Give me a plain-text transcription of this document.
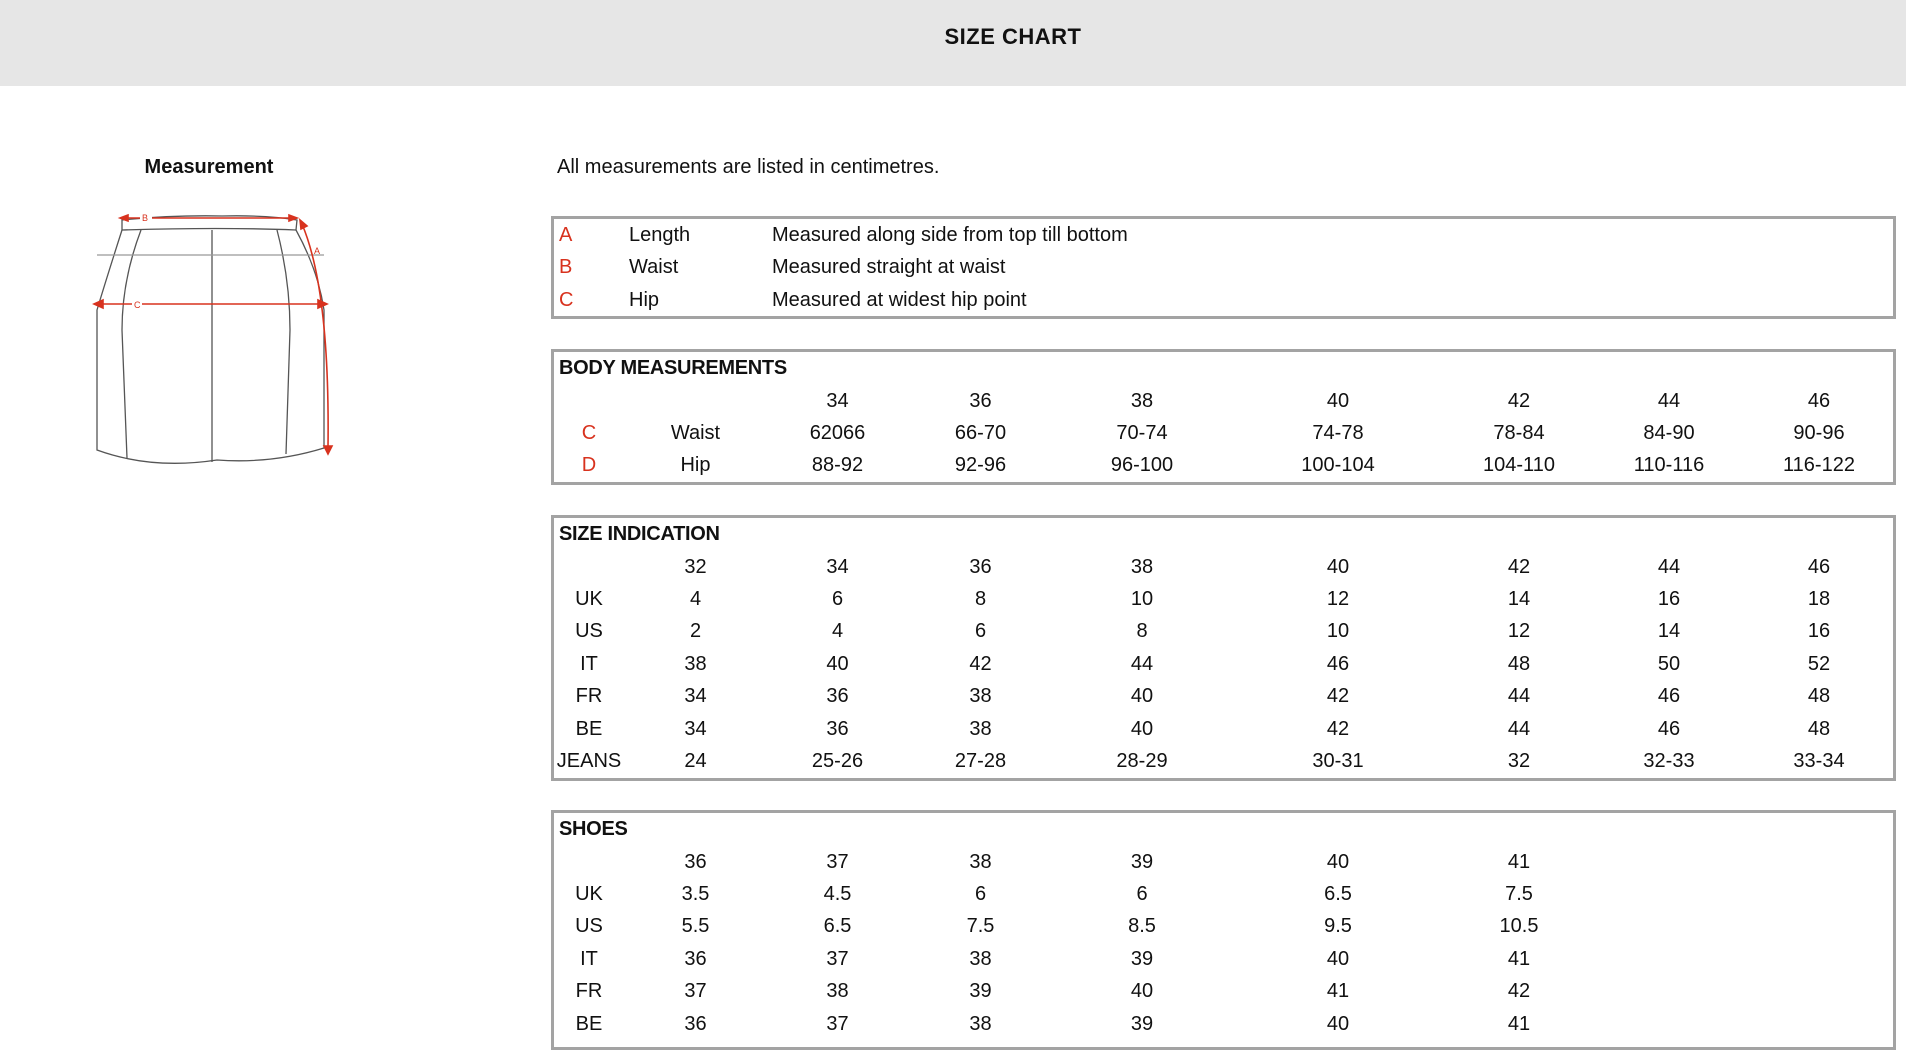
SIZE CHART
Measurement
B
C
A
All measurements are listed in centimetres.
A	Length	Measured along side from top till bottom
B	Waist	Measured straight at waist
C	Hip	Measured at widest hip point
BODY MEASUREMENTS								
		34	36	38	40	42	44	46
C	Waist	62066	66-70	70-74	74-78	78-84	84-90	90-96
D	Hip	88-92	92-96	96-100	100-104	104-110	110-116	116-122
SIZE INDICATION								
	32	34	36	38	40	42	44	46
UK	4	6	8	10	12	14	16	18
US	2	4	6	8	10	12	14	16
IT	38	40	42	44	46	48	50	52
FR	34	36	38	40	42	44	46	48
BE	34	36	38	40	42	44	46	48
JEANS	24	25-26	27-28	28-29	30-31	32	32-33	33-34
SHOES								
	36	37	38	39	40	41		
UK	3.5	4.5	6	6	6.5	7.5		
US	5.5	6.5	7.5	8.5	9.5	10.5		
IT	36	37	38	39	40	41		
FR	37	38	39	40	41	42		
BE	36	37	38	39	40	41		
